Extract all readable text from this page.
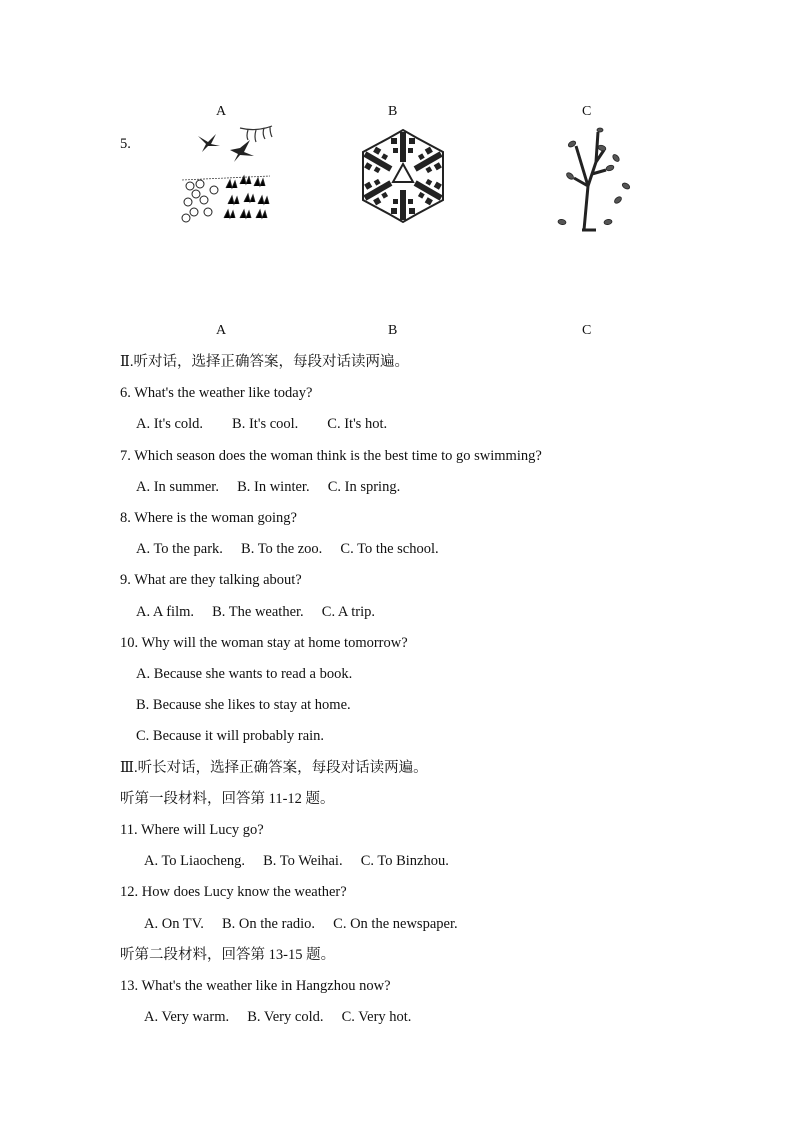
A	B	C
5.
A	B	C
Ⅱ.听对话，选择正确答案，每段对话读两遍。
6. What's the weather like today?
A. It's cold.　　B. It's cool.　　C. It's hot.
7. Which season does the woman think is the best time to go swimming?
A. In summer.　 B. In winter.　 C. In spring.
8. Where is the woman going?
A. To the park.　 B. To the zoo.　 C. To the school.
9. What are they talking about?
A. A film.　 B. The weather.　 C. A trip.
10. Why will the woman stay at home tomorrow?
A. Because she wants to read a book.
B. Because she likes to stay at home.
C. Because it will probably rain.
Ⅲ.听长对话，选择正确答案，每段对话读两遍。
听第一段材料，回答第 11-12 题。
11. Where will Lucy go?
A. To Liaocheng.　 B. To Weihai.　 C. To Binzhou.
12. How does Lucy know the weather?
A. On TV.　 B. On the radio.　 C. On the newspaper.
听第二段材料，回答第 13-15 题。
13. What's the weather like in Hangzhou now?
A. Very warm.　 B. Very cold.　 C. Very hot.
